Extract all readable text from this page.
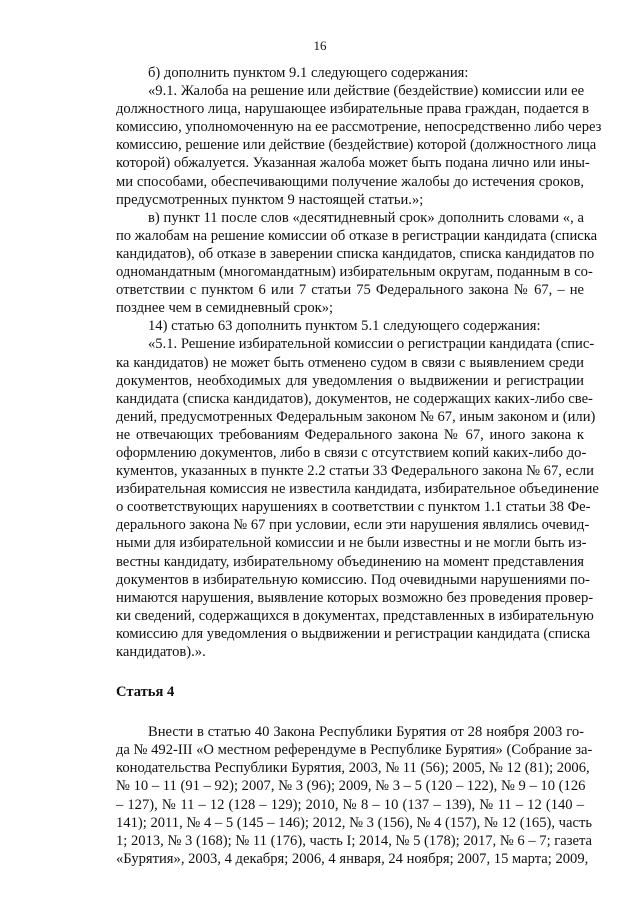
16
б) дополнить пунктом 9.1 следующего содержания:
«9.1. Жалоба на решение или действие (бездействие) комиссии или ее
должностного лица, нарушающее избирательные права граждан, подается в
комиссию, уполномоченную на ее рассмотрение, непосредственно либо через
комиссию, решение или действие (бездействие) которой (должностного лица
которой) обжалуется. Указанная жалоба может быть подана лично или ины-
ми способами, обеспечивающими получение жалобы до истечения сроков,
предусмотренных пунктом 9 настоящей статьи.»;
в) пункт 11 после слов «десятидневный срок» дополнить словами «, а
по жалобам на решение комиссии об отказе в регистрации кандидата (списка
кандидатов), об отказе в заверении списка кандидатов, списка кандидатов по
одномандатным (многомандатным) избирательным округам, поданным в со-
ответствии с пунктом 6 или 7 статьи 75 Федерального закона № 67, – не
позднее чем в семидневный срок»;
14) статью 63 дополнить пунктом 5.1 следующего содержания:
«5.1. Решение избирательной комиссии о регистрации кандидата (спис-
ка кандидатов) не может быть отменено судом в связи с выявлением среди
документов, необходимых для уведомления о выдвижении и регистрации
кандидата (списка кандидатов), документов, не содержащих каких-либо све-
дений, предусмотренных Федеральным законом № 67, иным законом и (или)
не отвечающих требованиям Федерального закона № 67, иного закона к
оформлению документов, либо в связи с отсутствием копий каких-либо до-
кументов, указанных в пункте 2.2 статьи 33 Федерального закона № 67, если
избирательная комиссия не известила кандидата, избирательное объединение
о соответствующих нарушениях в соответствии с пунктом 1.1 статьи 38 Фе-
дерального закона № 67 при условии, если эти нарушения являлись очевид-
ными для избирательной комиссии и не были известны и не могли быть из-
вестны кандидату, избирательному объединению на момент представления
документов в избирательную комиссию. Под очевидными нарушениями по-
нимаются нарушения, выявление которых возможно без проведения провер-
ки сведений, содержащихся в документах, представленных в избирательную
комиссию для уведомления о выдвижении и регистрации кандидата (списка
кандидатов).».
Статья 4
Внести в статью 40 Закона Республики Бурятия от 28 ноября 2003 го-
да № 492-III «О местном референдуме в Республике Бурятия» (Собрание за-
конодательства Республики Бурятия, 2003, № 11 (56); 2005, № 12 (81); 2006,
№ 10 – 11 (91 – 92); 2007, № 3 (96); 2009, № 3 – 5 (120 – 122), № 9 – 10 (126
– 127), № 11 – 12 (128 – 129); 2010, № 8 – 10 (137 – 139), № 11 – 12 (140 –
141); 2011, № 4 – 5 (145 – 146); 2012, № 3 (156), № 4 (157), № 12 (165), часть
1; 2013, № 3 (168); № 11 (176), часть I; 2014, № 5 (178); 2017, № 6 – 7; газета
«Бурятия», 2003, 4 декабря; 2006, 4 января, 24 ноября; 2007, 15 марта; 2009,
